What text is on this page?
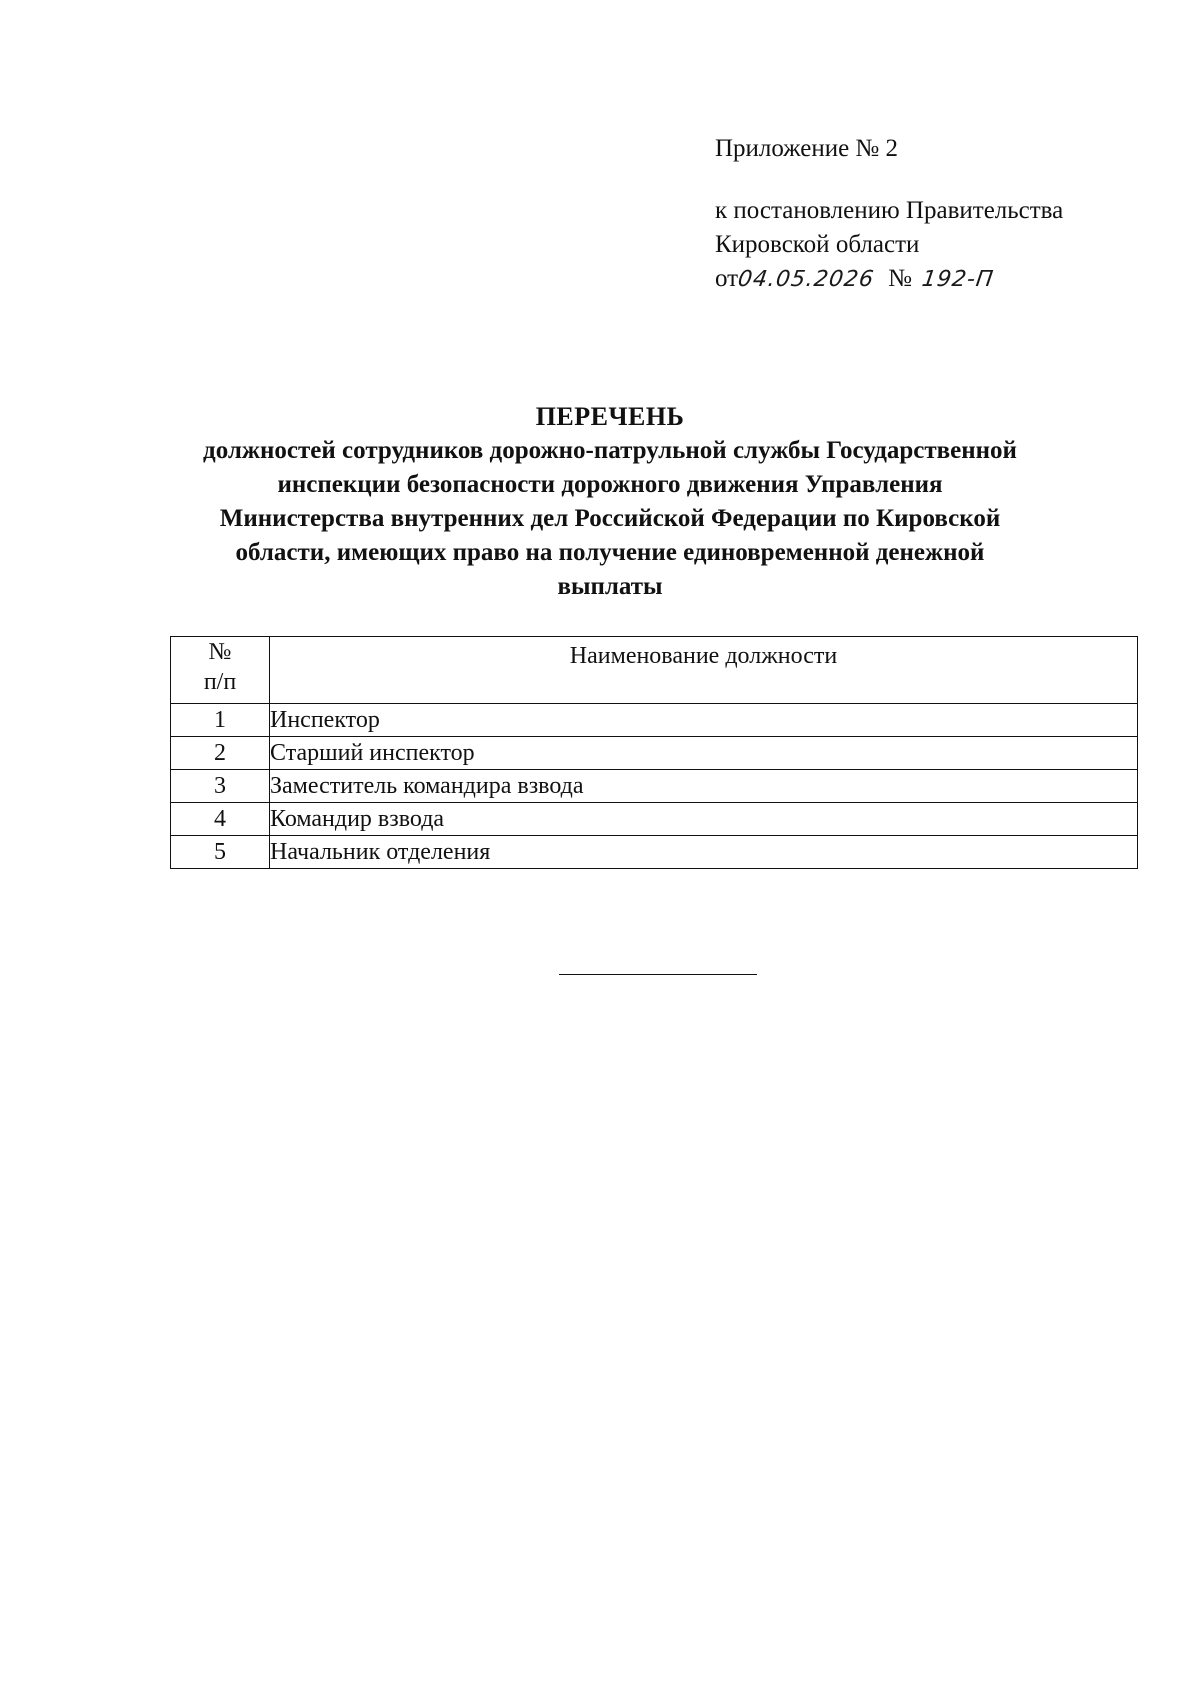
Приложение № 2
к постановлению Правительства
Кировской области
от04.05.2026 № 192-П
ПЕРЕЧЕНЬ
должностей сотрудников дорожно-патрульной службы Государственной
инспекции безопасности дорожного движения Управления
Министерства внутренних дел Российской Федерации по Кировской
области, имеющих право на получение единовременной денежной
выплаты
№
п/п	Наименование должности
1	Инспектор
2	Старший инспектор
3	Заместитель командира взвода
4	Командир взвода
5	Начальник отделения
